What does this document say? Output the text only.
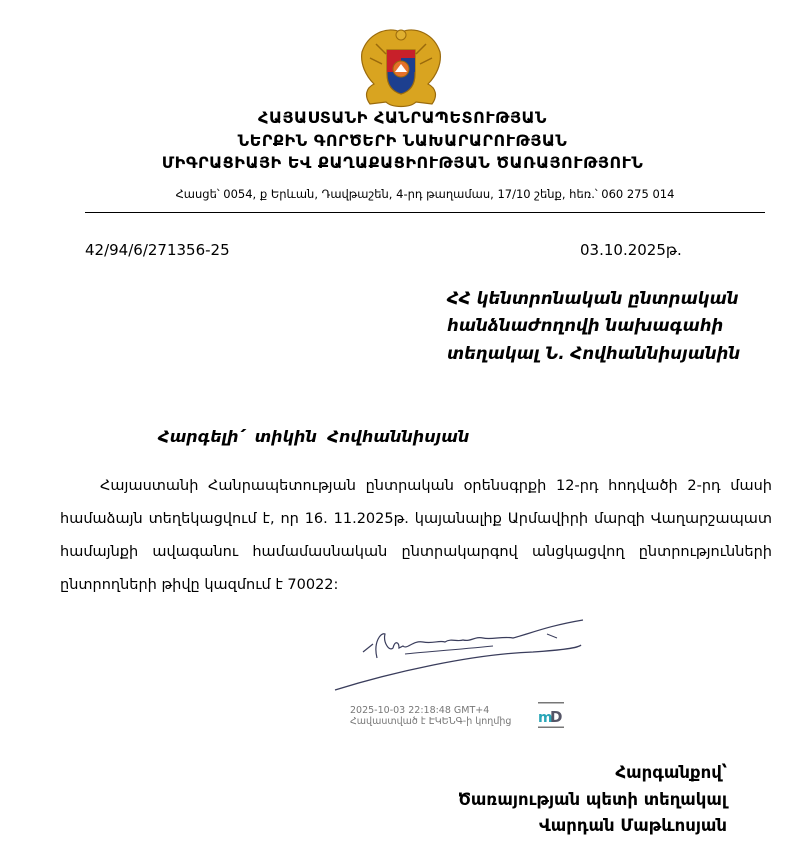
ՀԱՅԱՍՏԱՆԻ ՀԱՆՐԱՊԵՏՈՒԹՅԱՆ
ՆԵՐՔԻՆ ԳՈՐԾԵՐԻ ՆԱԽԱՐԱՐՈՒԹՅԱՆ
ՄԻԳՐԱՑԻԱՅԻ ԵՎ ՔԱՂԱՔԱՑԻՈՒԹՅԱՆ ԾԱՌԱՅՈՒԹՅՈՒՆ
Հասցե՝ 0054, ք Երևան, Դավթաշեն, 4-րդ թաղամաս, 17/10 շենք, հեռ.՝ 060 275 014
42/94/6/271356-25	03.10.2025թ.
ՀՀ կենտրոնական ընտրական
հանձնաժողովի նախագահի
տեղակալ Ն. Հովհաննիսյանին
Հարգելի՛ տիկին Հովհաննիսյան
Հայաստանի Հանրապետության ընտրական օրենսգրքի 12-րդ հոդվածի 2-րդ մասի համաձայն տեղեկացվում է, որ 16. 11.2025թ. կայանալիք Արմավիրի մարզի Վաղարշապատ համայնքի ավագանու համամասնական ընտրակարգով անցկացվող ընտրությունների ընտրողների թիվը կազմում է 70022:
2025-10-03 22:18:48 GMT+4
Հավաստված է ԷԿԵՆԳ-ի կողմից m
D
Հարգանքով՝
Ծառայության պետի տեղակալ
Վարդան Մաթևոսյան
